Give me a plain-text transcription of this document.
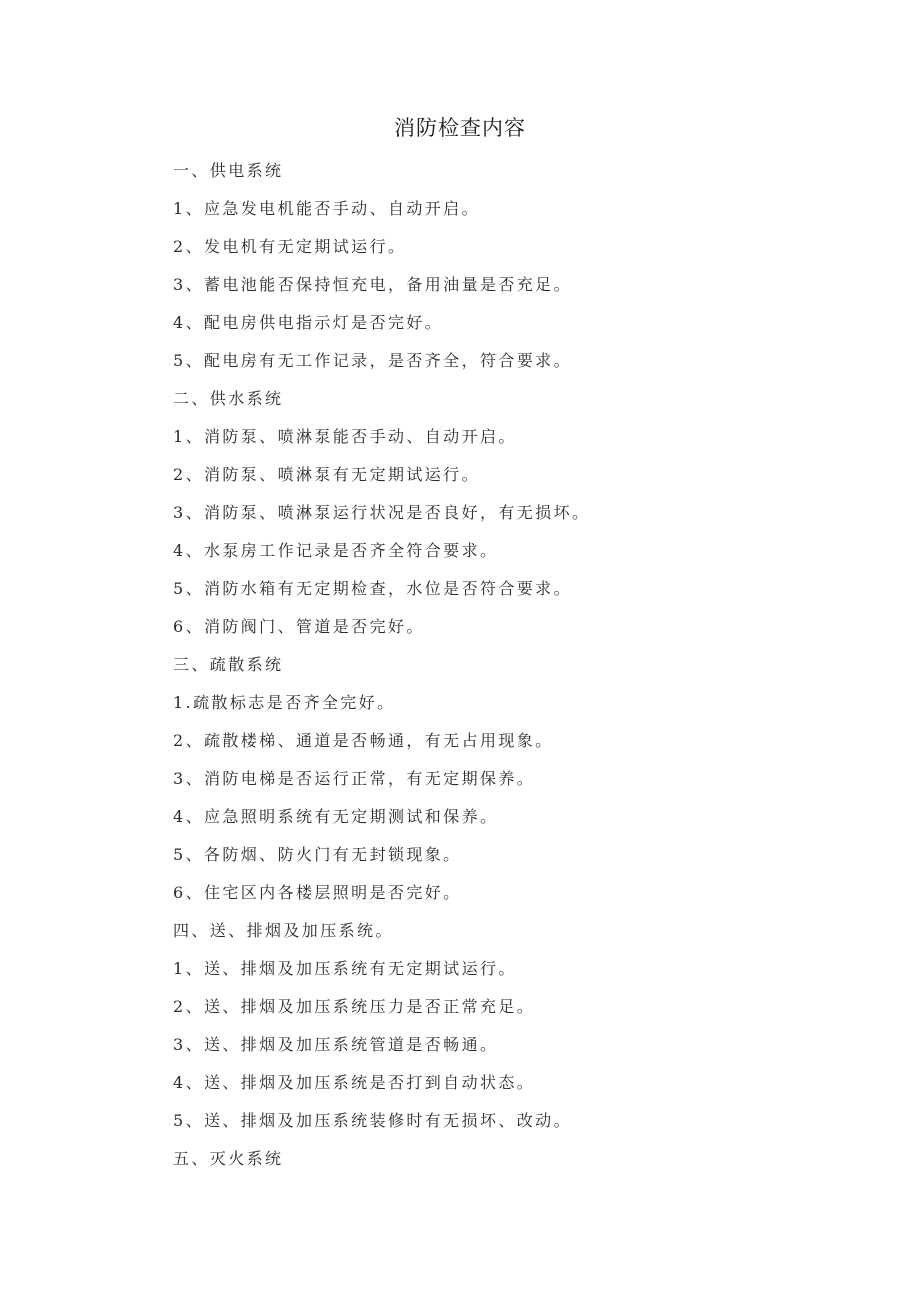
消防检查内容
一、供电系统
1、应急发电机能否手动、自动开启。
2、发电机有无定期试运行。
3、蓄电池能否保持恒充电，备用油量是否充足。
4、配电房供电指示灯是否完好。
5、配电房有无工作记录，是否齐全，符合要求。
二、供水系统
1、消防泵、喷淋泵能否手动、自动开启。
2、消防泵、喷淋泵有无定期试运行。
3、消防泵、喷淋泵运行状况是否良好，有无损坏。
4、水泵房工作记录是否齐全符合要求。
5、消防水箱有无定期检查，水位是否符合要求。
6、消防阀门、管道是否完好。
三、疏散系统
1.疏散标志是否齐全完好。
2、疏散楼梯、通道是否畅通，有无占用现象。
3、消防电梯是否运行正常，有无定期保养。
4、应急照明系统有无定期测试和保养。
5、各防烟、防火门有无封锁现象。
6、住宅区内各楼层照明是否完好。
四、送、排烟及加压系统。
1、送、排烟及加压系统有无定期试运行。
2、送、排烟及加压系统压力是否正常充足。
3、送、排烟及加压系统管道是否畅通。
4、送、排烟及加压系统是否打到自动状态。
5、送、排烟及加压系统装修时有无损坏、改动。
五、灭火系统
